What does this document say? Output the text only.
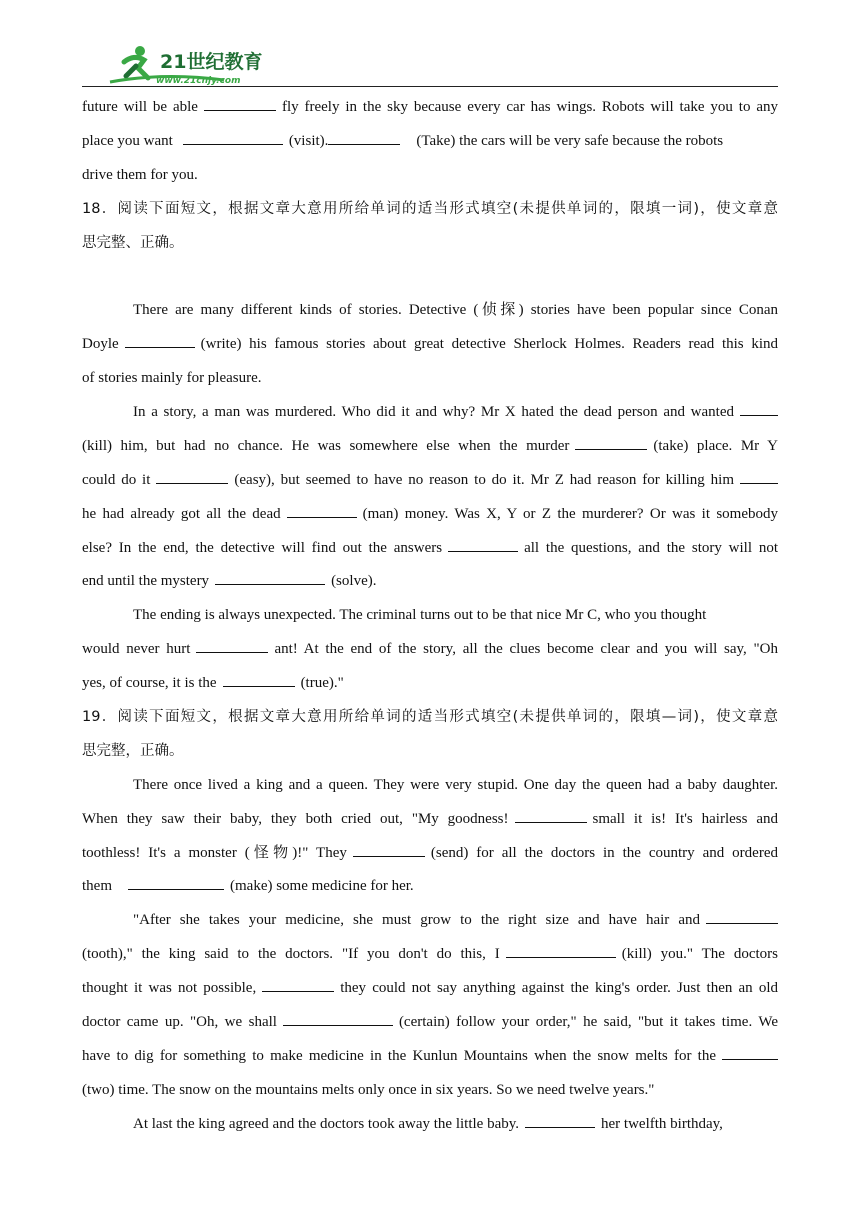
21世纪教育
www.21cnjy.com
future will be able	fly freely in the sky because every car has wings. Robots will take you to any
place you want	(visit).	(Take) the cars will be very safe because the robots
drive them for you.
18．阅读下面短文，根据文章大意用所给单词的适当形式填空(未提供单词的，限填一词)，使文章意
思完整、正确。
There are many different kinds of stories. Detective (侦探) stories have been popular since Conan
Doyle	(write) his famous stories about great detective Sherlock Holmes. Readers read this kind
of stories mainly for pleasure.
In a story, a man was murdered. Who did it and why? Mr X hated the dead person and wanted
(kill) him, but had no chance. He was somewhere else when the murder	(take) place. Mr Y
could do it	(easy), but seemed to have no reason to do it. Mr Z had reason for killing him
he had already got all the dead	(man) money. Was X, Y or Z the murderer? Or was it somebody
else? In the end, the detective will find out the answers	all the questions, and the story will not
end until the mystery	(solve).
The ending is always unexpected. The criminal turns out to be that nice Mr C, who you thought
would never hurt	ant! At the end of the story, all the clues become clear and you will say, "Oh
yes, of course, it is the	(true)."
19．阅读下面短文，根据文章大意用所给单词的适当形式填空(未提供单词的，限填—词)，使文章意
思完整，正确。
There once lived a king and a queen. They were very stupid. One day the queen had a baby daughter.
When they saw their baby, they both cried out, "My goodness!	small it is! It's hairless and
toothless! It's a monster (怪物)!" They	(send) for all the doctors in the country and ordered
them	(make) some medicine for her.
"After she takes your medicine, she must grow to the right size and have hair and
(tooth)," the king said to the doctors. "If you don't do this, I	(kill) you." The doctors
thought it was not possible,	they could not say anything against the king's order. Just then an old
doctor came up. "Oh, we shall	(certain) follow your order," he said, "but it takes time. We
have to dig for something to make medicine in the Kunlun Mountains when the snow melts for the
(two) time. The snow on the mountains melts only once in six years. So we need twelve years."
At last the king agreed and the doctors took away the little baby.	her twelfth birthday,
